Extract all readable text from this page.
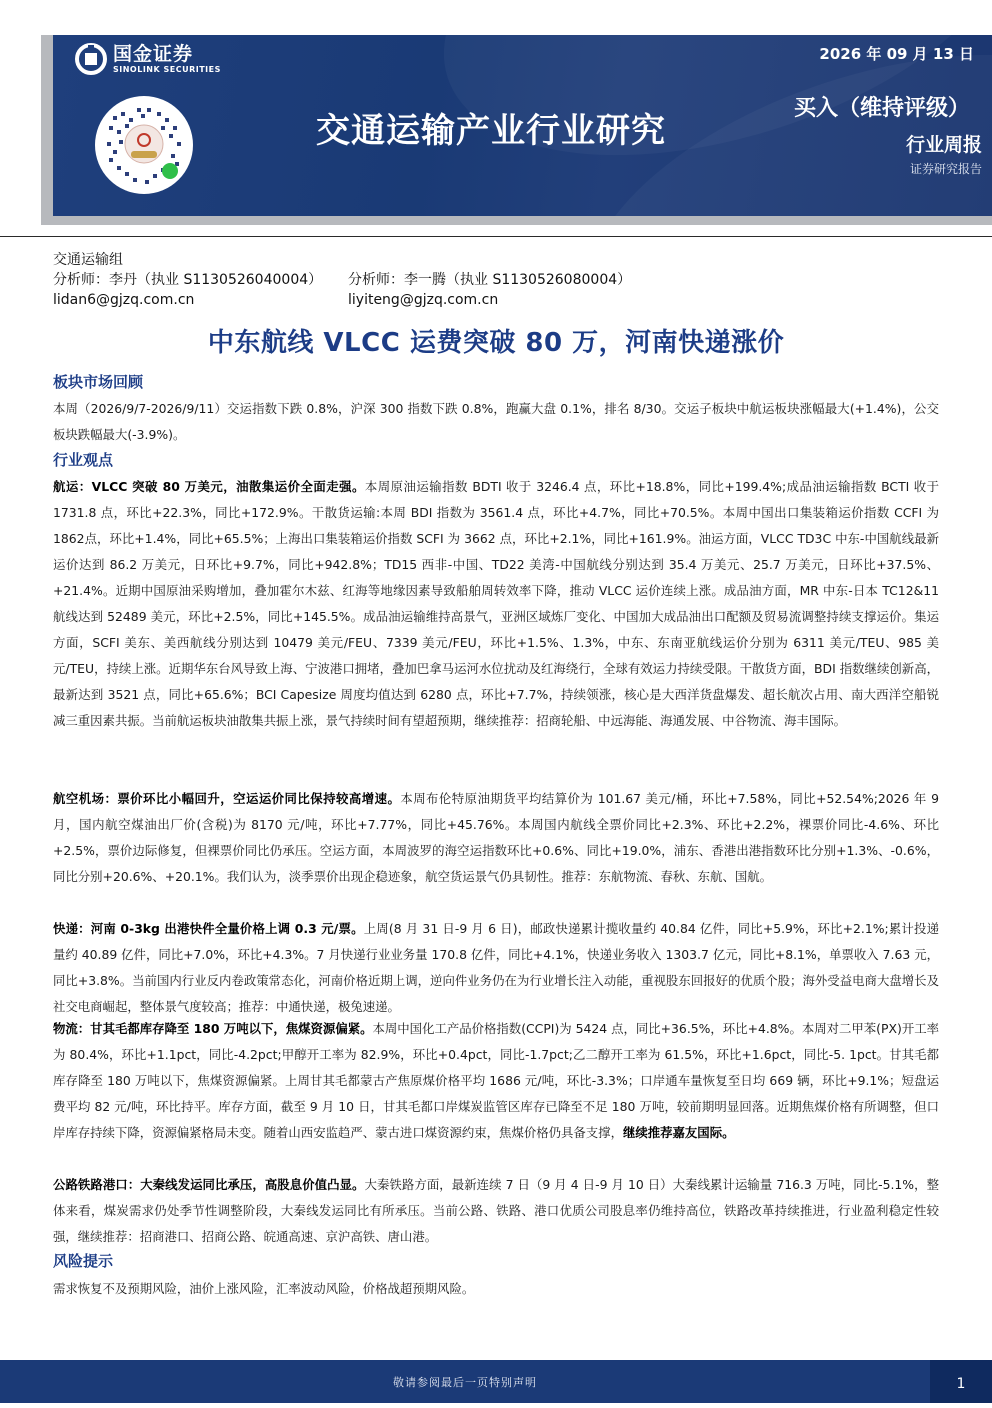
国金证券
SINOLINK SECURITIES
交通运输产业行业研究
2026 年 09 月 13 日
买入（维持评级）
行业周报
证券研究报告
交通运输组
分析师：李丹（执业 S1130526040004）
lidan6@gjzq.com.cn
分析师：李一腾（执业 S1130526080004）
liyiteng@gjzq.com.cn
中东航线 VLCC 运费突破 80 万，河南快递涨价
板块市场回顾
本周（2026/9/7-2026/9/11）交运指数下跌 0.8%，沪深 300 指数下跌 0.8%，跑赢大盘 0.1%，排名 8/30。交运子板块中航运板块涨幅最大(+1.4%)，公交板块跌幅最大(-3.9%)。
行业观点
航运：VLCC 突破 80 万美元，油散集运价全面走强。本周原油运输指数 BDTI 收于 3246.4 点，环比+18.8%，同比+199.4%;成品油运输指数 BCTI 收于 1731.8 点，环比+22.3%，同比+172.9%。干散货运输:本周 BDI 指数为 3561.4 点，环比+4.7%，同比+70.5%。本周中国出口集装箱运价指数 CCFI 为 1862点，环比+1.4%，同比+65.5%；上海出口集装箱运价指数 SCFI 为 3662 点，环比+2.1%，同比+161.9%。油运方面，VLCC TD3C 中东-中国航线最新运价达到 86.2 万美元，日环比+9.7%，同比+942.8%；TD15 西非-中国、TD22 美湾-中国航线分别达到 35.4 万美元、25.7 万美元，日环比+37.5%、+21.4%。近期中国原油采购增加，叠加霍尔木兹、红海等地缘因素导致船舶周转效率下降，推动 VLCC 运价连续上涨。成品油方面，MR 中东-日本 TC12&11 航线达到 52489 美元，环比+2.5%，同比+145.5%。成品油运输维持高景气，亚洲区域炼厂变化、中国加大成品油出口配额及贸易流调整持续支撑运价。集运方面，SCFI 美东、美西航线分别达到 10479 美元/FEU、7339 美元/FEU，环比+1.5%、1.3%，中东、东南亚航线运价分别为 6311 美元/TEU、985 美元/TEU，持续上涨。近期华东台风导致上海、宁波港口拥堵，叠加巴拿马运河水位扰动及红海绕行，全球有效运力持续受限。干散货方面，BDI 指数继续创新高，最新达到 3521 点，同比+65.6%；BCI Capesize 周度均值达到 6280 点，环比+7.7%，持续领涨，核心是大西洋货盘爆发、超长航次占用、南大西洋空船锐减三重因素共振。当前航运板块油散集共振上涨，景气持续时间有望超预期，继续推荐：招商轮船、中远海能、海通发展、中谷物流、海丰国际。
航空机场：票价环比小幅回升，空运运价同比保持较高增速。本周布伦特原油期货平均结算价为 101.67 美元/桶，环比+7.58%，同比+52.54%;2026 年 9 月，国内航空煤油出厂价(含税)为 8170 元/吨，环比+7.77%，同比+45.76%。本周国内航线全票价同比+2.3%、环比+2.2%，裸票价同比-4.6%、环比+2.5%，票价边际修复，但裸票价同比仍承压。空运方面，本周波罗的海空运指数环比+0.6%、同比+19.0%，浦东、香港出港指数环比分别+1.3%、-0.6%，同比分别+20.6%、+20.1%。我们认为，淡季票价出现企稳迹象，航空货运景气仍具韧性。推荐：东航物流、春秋、东航、国航。
快递：河南 0-3kg 出港快件全量价格上调 0.3 元/票。上周(8 月 31 日-9 月 6 日)，邮政快递累计揽收量约 40.84 亿件，同比+5.9%，环比+2.1%;累计投递量约 40.89 亿件，同比+7.0%，环比+4.3%。7 月快递行业业务量 170.8 亿件，同比+4.1%，快递业务收入 1303.7 亿元，同比+8.1%，单票收入 7.63 元，同比+3.8%。当前国内行业反内卷政策常态化，河南价格近期上调，逆向件业务仍在为行业增长注入动能，重视股东回报好的优质个股；海外受益电商大盘增长及社交电商崛起，整体景气度较高；推荐：中通快递，极兔速递。
物流：甘其毛都库存降至 180 万吨以下，焦煤资源偏紧。本周中国化工产品价格指数(CCPI)为 5424 点，同比+36.5%，环比+4.8%。本周对二甲苯(PX)开工率为 80.4%，环比+1.1pct，同比-4.2pct;甲醇开工率为 82.9%，环比+0.4pct，同比-1.7pct;乙二醇开工率为 61.5%，环比+1.6pct，同比-5. 1pct。甘其毛都库存降至 180 万吨以下，焦煤资源偏紧。上周甘其毛都蒙古产焦原煤价格平均 1686 元/吨，环比-3.3%；口岸通车量恢复至日均 669 辆，环比+9.1%；短盘运费平均 82 元/吨，环比持平。库存方面，截至 9 月 10 日，甘其毛都口岸煤炭监管区库存已降至不足 180 万吨，较前期明显回落。近期焦煤价格有所调整，但口岸库存持续下降，资源偏紧格局未变。随着山西安监趋严、蒙古进口煤资源约束，焦煤价格仍具备支撑，继续推荐嘉友国际。
公路铁路港口：大秦线发运同比承压，高股息价值凸显。大秦铁路方面，最新连续 7 日（9 月 4 日-9 月 10 日）大秦线累计运输量 716.3 万吨，同比-5.1%，整体来看，煤炭需求仍处季节性调整阶段，大秦线发运同比有所承压。当前公路、铁路、港口优质公司股息率仍维持高位，铁路改革持续推进，行业盈利稳定性较强，继续推荐：招商港口、招商公路、皖通高速、京沪高铁、唐山港。
风险提示
需求恢复不及预期风险，油价上涨风险，汇率波动风险，价格战超预期风险。
敬请参阅最后一页特别声明	1
